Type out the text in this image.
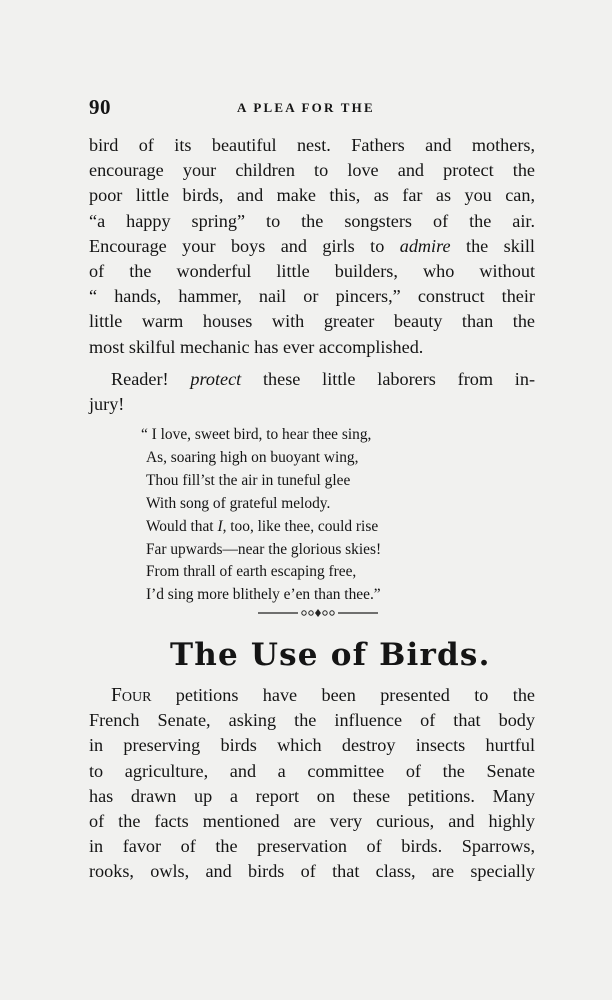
90	A PLEA FOR THE
bird of its beautiful nest. Fathers and mothers,
encourage your children to love and protect the
poor little birds, and make this, as far as you can,
“a happy spring” to the songsters of the air.
Encourage your boys and girls to admire the skill
of the wonderful little builders, who without
“ hands, hammer, nail or pincers,” construct their
little warm houses with greater beauty than the
most skilful mechanic has ever accomplished.
Reader! protect these little laborers from in-
jury!
“ I love, sweet bird, to hear thee sing,
As, soaring high on buoyant wing,
Thou fill’st the air in tuneful glee
With song of grateful melody.
Would that I, too, like thee, could rise
Far upwards—near the glorious skies!
From thrall of earth escaping free,
I’d sing more blithely e’en than thee.”
The Use of Birds.
Four petitions have been presented to the
French Senate, asking the influence of that body
in preserving birds which destroy insects hurtful
to agriculture, and a committee of the Senate
has drawn up a report on these petitions. Many
of the facts mentioned are very curious, and highly
in favor of the preservation of birds. Sparrows,
rooks, owls, and birds of that class, are specially
